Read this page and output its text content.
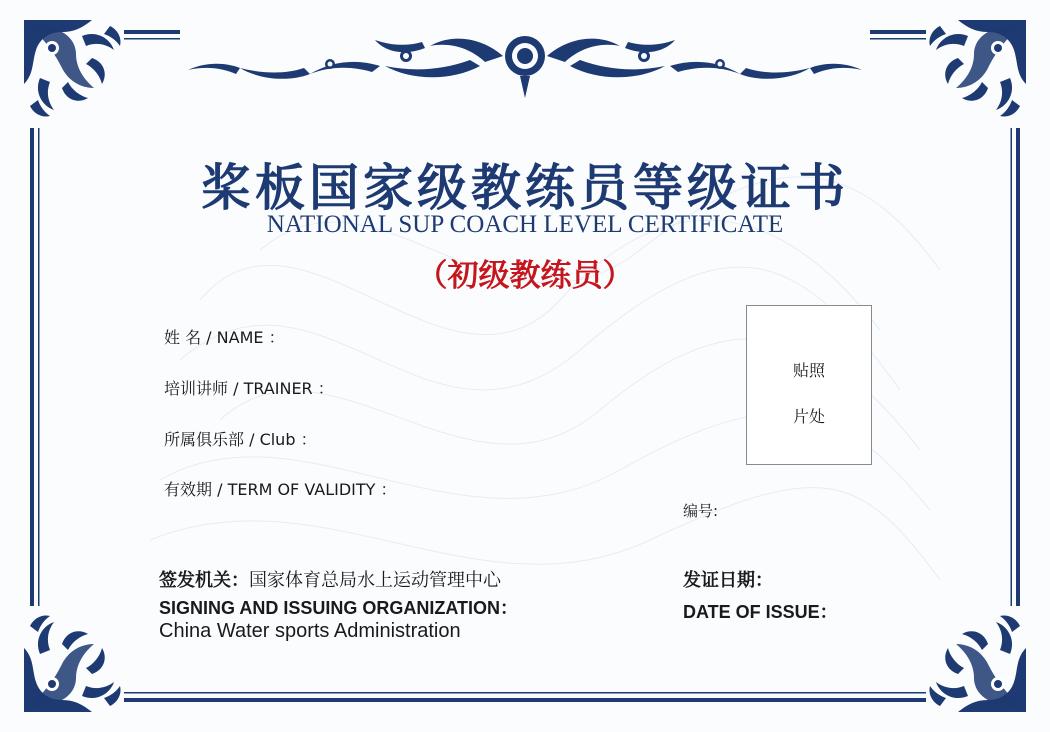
桨板国家级教练员等级证书
NATIONAL SUP COACH LEVEL CERTIFICATE
（初级教练员）
姓 名 / NAME ：
培训讲师 / TRAINER ：
所属俱乐部 / Club ：
有效期 / TERM OF VALIDITY ：
贴照
片处
编号:
签发机关：国家体育总局水上运动管理中心
SIGNING AND ISSUING ORGANIZATION：
China Water sports Administration
发证日期：
DATE OF ISSUE：
